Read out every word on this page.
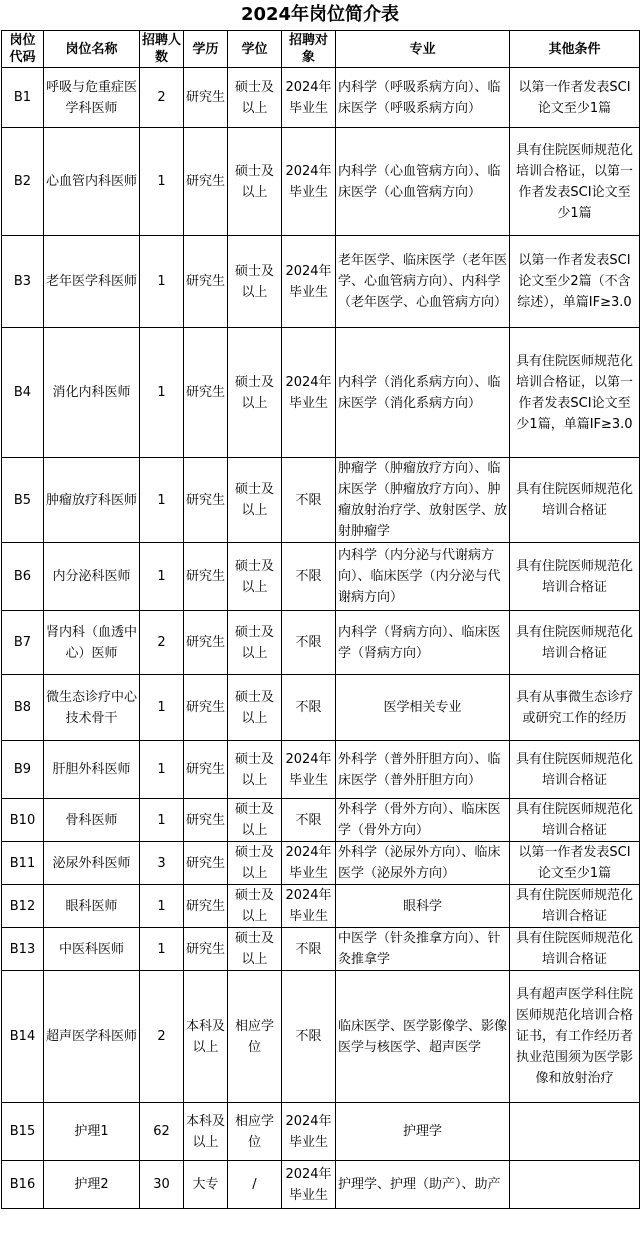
2024年岗位简介表
岗位代码	岗位名称	招聘人数	学历	学位	招聘对象	专业	其他条件
B1	呼吸与危重症医学科医师	2	研究生	硕士及以上	2024年毕业生	内科学（呼吸系病方向）、临床医学（呼吸系病方向）	以第一作者发表SCI论文至少1篇
B2	心血管内科医师	1	研究生	硕士及以上	2024年毕业生	内科学（心血管病方向）、临床医学（心血管病方向）	具有住院医师规范化培训合格证，以第一作者发表SCI论文至少1篇
B3	老年医学科医师	1	研究生	硕士及以上	2024年毕业生	老年医学、临床医学（老年医学、心血管病方向）、内科学（老年医学、心血管病方向）	以第一作者发表SCI论文至少2篇（不含综述），单篇IF≥3.0
B4	消化内科医师	1	研究生	硕士及以上	2024年毕业生	内科学（消化系病方向）、临床医学（消化系病方向）	具有住院医师规范化培训合格证，以第一作者发表SCI论文至少1篇，单篇IF≥3.0
B5	肿瘤放疗科医师	1	研究生	硕士及以上	不限	肿瘤学（肿瘤放疗方向）、临床医学（肿瘤放疗方向）、肿瘤放射治疗学、放射医学、放射肿瘤学	具有住院医师规范化培训合格证
B6	内分泌科医师	1	研究生	硕士及以上	不限	内科学（内分泌与代谢病方向）、临床医学（内分泌与代谢病方向）	具有住院医师规范化培训合格证
B7	肾内科（血透中心）医师	2	研究生	硕士及以上	不限	内科学（肾病方向）、临床医学（肾病方向）	具有住院医师规范化培训合格证
B8	微生态诊疗中心技术骨干	1	研究生	硕士及以上	不限	医学相关专业	具有从事微生态诊疗或研究工作的经历
B9	肝胆外科医师	1	研究生	硕士及以上	2024年毕业生	外科学（普外肝胆方向）、临床医学（普外肝胆方向）	具有住院医师规范化培训合格证
B10	骨科医师	1	研究生	硕士及以上	不限	外科学（骨外方向）、临床医学（骨外方向）	具有住院医师规范化培训合格证
B11	泌尿外科医师	3	研究生	硕士及以上	2024年毕业生	外科学（泌尿外方向）、临床医学（泌尿外方向）	以第一作者发表SCI论文至少1篇
B12	眼科医师	1	研究生	硕士及以上	2024年毕业生	眼科学	具有住院医师规范化培训合格证
B13	中医科医师	1	研究生	硕士及以上	不限	中医学（针灸推拿方向）、针灸推拿学	具有住院医师规范化培训合格证
B14	超声医学科医师	2	本科及以上	相应学位	不限	临床医学、医学影像学、影像医学与核医学、超声医学	具有超声医学科住院医师规范化培训合格证书，有工作经历者执业范围须为医学影像和放射治疗
B15	护理1	62	本科及以上	相应学位	2024年毕业生	护理学	
B16	护理2	30	大专	/	2024年毕业生	护理学、护理（助产）、助产	
